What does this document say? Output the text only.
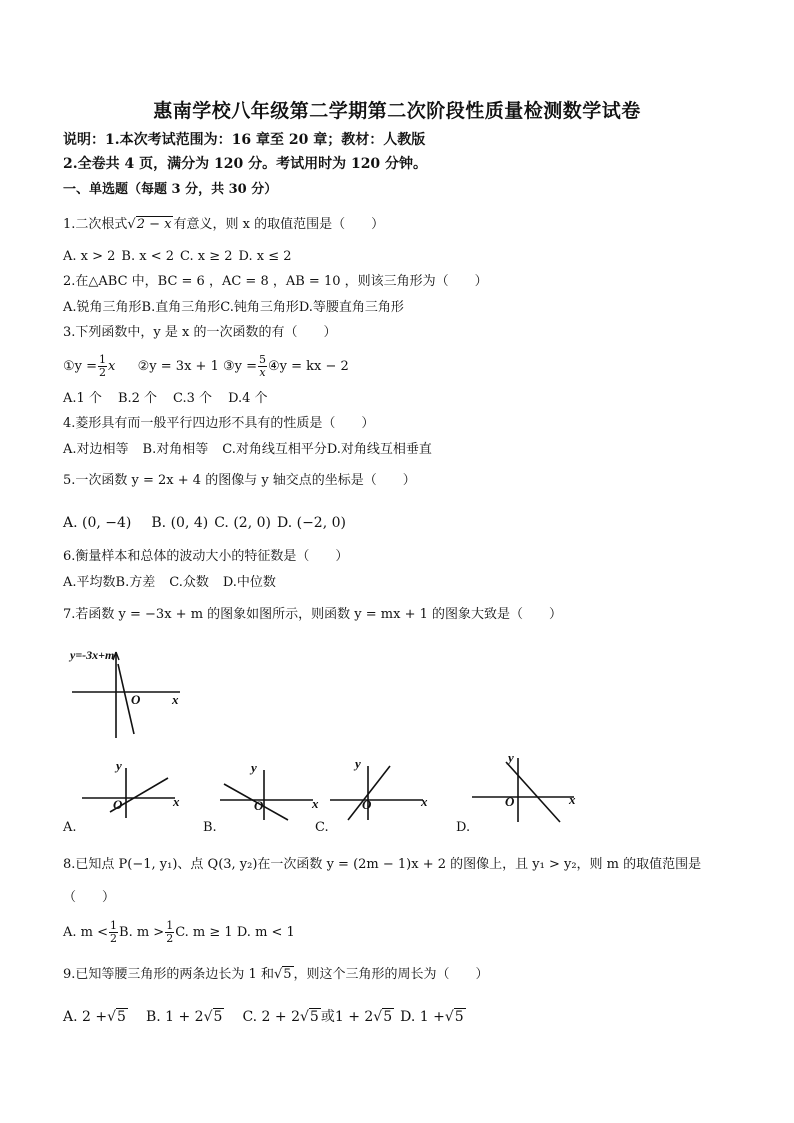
惠南学校八年级第二学期第二次阶段性质量检测数学试卷
说明：1.本次考试范围为：16 章至 20 章；教材：人教版
2.全卷共 4 页，满分为 120 分。考试用时为 120 分钟。
一、单选题（每题 3 分，共 30 分）
1.二次根式√2 − x 有意义，则 x 的取值范围是（　　）
A. x > 2 B. x < 2 C. x ≥ 2 D. x ≤ 2
2.在△ABC 中，BC = 6 ，AC = 8 ，AB = 10 ，则该三角形为（　　）
A.锐角三角形B.直角三角形C.钝角三角形D.等腰直角三角形
3.下列函数中，y 是 x 的一次函数的有（　　）
①y = $\frac{1}{2}$ x ②y = 3x + 1 ③y = $\frac{5}{x}$ ④y = kx − 2
A.1 个 B.2 个 C.3 个 D.4 个
4.菱形具有而一般平行四边形不具有的性质是（　　）
A.对边相等 B.对角相等 C.对角线互相平分D.对角线互相垂直
5.一次函数 y = 2x + 4 的图像与 y 轴交点的坐标是（　　）
A. (0, −4) B. (0, 4) C. (2, 0) D. (−2, 0)
6.衡量样本和总体的波动大小的特征数是（　　）
A.平均数B.方差 C.众数 D.中位数
7.若函数 y = −3x + m 的图象如图所示，则函数 y = mx + 1 的图象大致是（　　）
y=-3x+m
O x
y
O	x
y
O	x
y
O	x
y
O	x
A.	B.	C.	D.
8.已知点 P(−1, y₁)、点 Q(3, y₂)在一次函数 y = (2m − 1)x + 2 的图像上，且 y₁ > y₂，则 m 的取值范围是
（　　）
A. $m < \frac{1}{2} B$. $m > \frac{1}{2} C$. m ≥ 1 D. m < 1
9.已知等腰三角形的两条边长为 1 和√5 ，则这个三角形的周长为（　　）
A. 2 +√5 B. 1 + 2√5 C. 2 + 2√5 或1 + 2√5 D. 1 +√5
